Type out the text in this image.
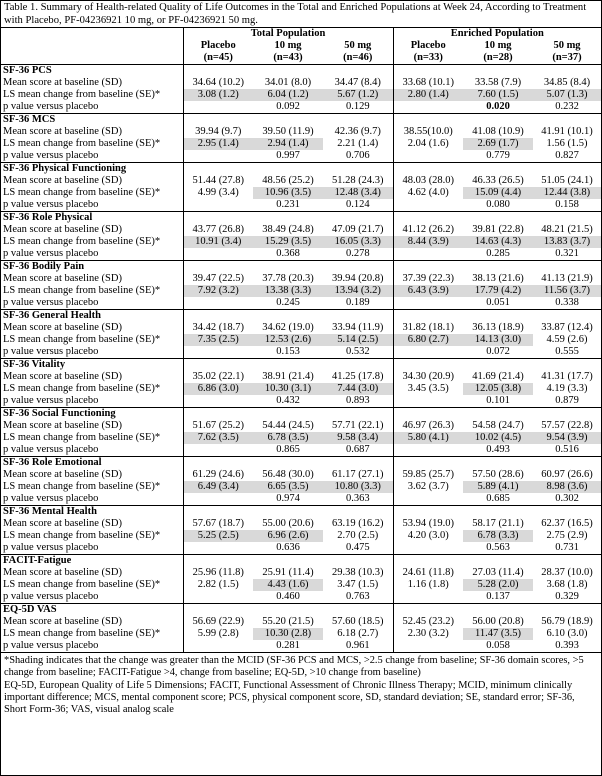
Table 1. Summary of Health-related Quality of Life Outcomes in the Total and Enriched Populations at Week 24, According to Treatment with Placebo, PF-04236921 10 mg, or PF-04236921 50 mg.
	Total Population			Enriched Population		
	Placebo	10 mg	50 mg	Placebo	10 mg	50 mg
	(n=45)	(n=43)	(n=46)	(n=33)	(n=28)	(n=37)
SF-36 PCS						
Mean score at baseline (SD)	34.64 (10.2)	34.01 (8.0)	34.47 (8.4)	33.68 (10.1)	33.58 (7.9)	34.85 (8.4)
LS mean change from baseline (SE)*	3.08 (1.2)	6.04 (1.2)	5.67 (1.2)	2.80 (1.4)	7.60 (1.5)	5.07 (1.3)
p value versus placebo		0.092	0.129		0.020	0.232
SF-36 MCS						
Mean score at baseline (SD)	39.94 (9.7)	39.50 (11.9)	42.36 (9.7)	38.55(10.0)	41.08 (10.9)	41.91 (10.1)
LS mean change from baseline (SE)*	2.95 (1.4)	2.94 (1.4)	2.21 (1.4)	2.04 (1.6)	2.69 (1.7)	1.56 (1.5)
p value versus placebo		0.997	0.706		0.779	0.827
SF-36 Physical Functioning						
Mean score at baseline (SD)	51.44 (27.8)	48.56 (25.2)	51.28 (24.3)	48.03 (28.0)	46.33 (26.5)	51.05 (24.1)
LS mean change from baseline (SE)*	4.99 (3.4)	10.96 (3.5)	12.48 (3.4)	4.62 (4.0)	15.09 (4.4)	12.44 (3.8)
p value versus placebo		0.231	0.124		0.080	0.158
SF-36 Role Physical						
Mean score at baseline (SD)	43.77 (26.8)	38.49 (24.8)	47.09 (21.7)	41.12 (26.2)	39.81 (22.8)	48.21 (21.5)
LS mean change from baseline (SE)*	10.91 (3.4)	15.29 (3.5)	16.05 (3.3)	8.44 (3.9)	14.63 (4.3)	13.83 (3.7)
p value versus placebo		0.368	0.278		0.285	0.321
SF-36 Bodily Pain						
Mean score at baseline (SD)	39.47 (22.5)	37.78 (20.3)	39.94 (20.8)	37.39 (22.3)	38.13 (21.6)	41.13 (21.9)
LS mean change from baseline (SE)*	7.92 (3.2)	13.38 (3.3)	13.94 (3.2)	6.43 (3.9)	17.79 (4.2)	11.56 (3.7)
p value versus placebo		0.245	0.189		0.051	0.338
SF-36 General Health						
Mean score at baseline (SD)	34.42 (18.7)	34.62 (19.0)	33.94 (11.9)	31.82 (18.1)	36.13 (18.9)	33.87 (12.4)
LS mean change from baseline (SE)*	7.35 (2.5)	12.53 (2.6)	5.14 (2.5)	6.80 (2.7)	14.13 (3.0)	4.59 (2.6)
p value versus placebo		0.153	0.532		0.072	0.555
SF-36 Vitality						
Mean score at baseline (SD)	35.02 (22.1)	38.91 (21.4)	41.25 (17.8)	34.30 (20.9)	41.69 (21.4)	41.31 (17.7)
LS mean change from baseline (SE)*	6.86 (3.0)	10.30 (3.1)	7.44 (3.0)	3.45 (3.5)	12.05 (3.8)	4.19 (3.3)
p value versus placebo		0.432	0.893		0.101	0.879
SF-36 Social Functioning						
Mean score at baseline (SD)	51.67 (25.2)	54.44 (24.5)	57.71 (22.1)	46.97 (26.3)	54.58 (24.7)	57.57 (22.8)
LS mean change from baseline (SE)*	7.62 (3.5)	6.78 (3.5)	9.58 (3.4)	5.80 (4.1)	10.02 (4.5)	9.54 (3.9)
p value versus placebo		0.865	0.687		0.493	0.516
SF-36 Role Emotional						
Mean score at baseline (SD)	61.29 (24.6)	56.48 (30.0)	61.17 (27.1)	59.85 (25.7)	57.50 (28.6)	60.97 (26.6)
LS mean change from baseline (SE)*	6.49 (3.4)	6.65 (3.5)	10.80 (3.3)	3.62 (3.7)	5.89 (4.1)	8.98 (3.6)
p value versus placebo		0.974	0.363		0.685	0.302
SF-36 Mental Health						
Mean score at baseline (SD)	57.67 (18.7)	55.00 (20.6)	63.19 (16.2)	53.94 (19.0)	58.17 (21.1)	62.37 (16.5)
LS mean change from baseline (SE)*	5.25 (2.5)	6.96 (2.6)	2.70 (2.5)	4.20 (3.0)	6.78 (3.3)	2.75 (2.9)
p value versus placebo		0.636	0.475		0.563	0.731
FACIT-Fatigue						
Mean score at baseline (SD)	25.96 (11.8)	25.91 (11.4)	29.38 (10.3)	24.61 (11.8)	27.03 (11.4)	28.37 (10.0)
LS mean change from baseline (SE)*	2.82 (1.5)	4.43 (1.6)	3.47 (1.5)	1.16 (1.8)	5.28 (2.0)	3.68 (1.8)
p value versus placebo		0.460	0.763		0.137	0.329
EQ-5D VAS						
Mean score at baseline (SD)	56.69 (22.9)	55.20 (21.5)	57.60 (18.5)	52.45 (23.2)	56.00 (20.8)	56.79 (18.9)
LS mean change from baseline (SE)*	5.99 (2.8)	10.30 (2.8)	6.18 (2.7)	2.30 (3.2)	11.47 (3.5)	6.10 (3.0)
p value versus placebo		0.281	0.961		0.058	0.393
*Shading indicates that the change was greater than the MCID (SF-36 PCS and MCS, >2.5 change from baseline; SF-36 domain scores, >5 change from baseline; FACIT-Fatigue >4, change from baseline; EQ-5D, >10 change from baseline)
EQ-5D, European Quality of Life 5 Dimensions; FACIT, Functional Assessment of Chronic Illness Therapy; MCID, minimum clinically important difference; MCS, mental component score; PCS, physical component score, SD, standard deviation; SE, standard error; SF-36, Short Form-36; VAS, visual analog scale
